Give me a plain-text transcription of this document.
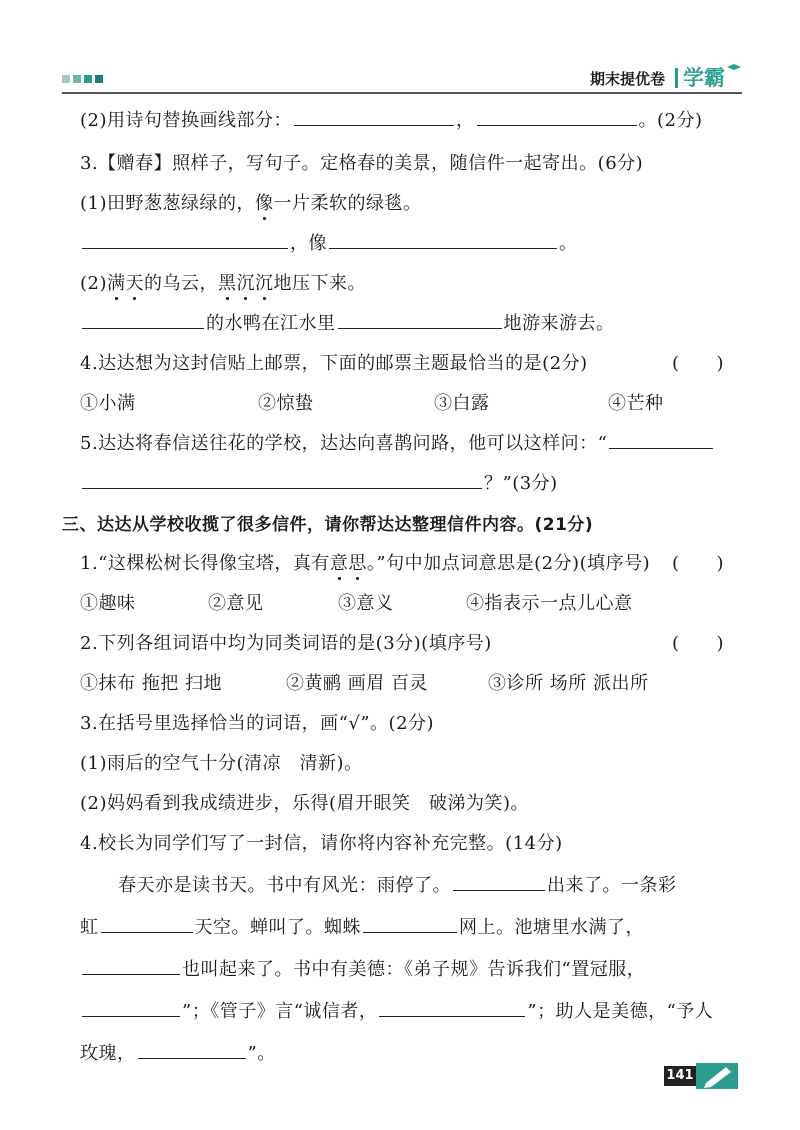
期末提优卷 学霸
(2)用诗句替换画线部分：	，	。(2分)
3.【赠春】照样子，写句子。定格春的美景，随信件一起寄出。(6分)
(1)田野葱葱绿绿的，像一片柔软的绿毯。
，像	。
(2)满天的乌云，黑沉沉地压下来。
的水鸭在江水里	地游来游去。
4.达达想为这封信贴上邮票，下面的邮票主题最恰当的是(2分)	(　　)
①小满	②惊蛰	③白露	④芒种
5.达达将春信送往花的学校，达达向喜鹊问路，他可以这样问：“
？”(3分)
三、达达从学校收揽了很多信件，请你帮达达整理信件内容。(21分)
1.“这棵松树长得像宝塔，真有意思。”句中加点词意思是(2分)(填序号) (　　)
①趣味	②意见	③意义	④指表示一点儿心意
2.下列各组词语中均为同类词语的是(3分)(填序号)	(　　)
①抹布 拖把 扫地	②黄鹂 画眉 百灵	③诊所 场所 派出所
3.在括号里选择恰当的词语，画“√”。(2分)
(1)雨后的空气十分(清凉　清新)。
(2)妈妈看到我成绩进步，乐得(眉开眼笑　破涕为笑)。
4.校长为同学们写了一封信，请你将内容补充完整。(14分)
春天亦是读书天。书中有风光：雨停了。	出来了。一条彩
虹	天空。蝉叫了。蜘蛛	网上。池塘里水满了，
也叫起来了。书中有美德：《弟子规》告诉我们“置冠服，
”；《管子》言“诚信者，	”；助人是美德，“予人
玫瑰，	”。
141
